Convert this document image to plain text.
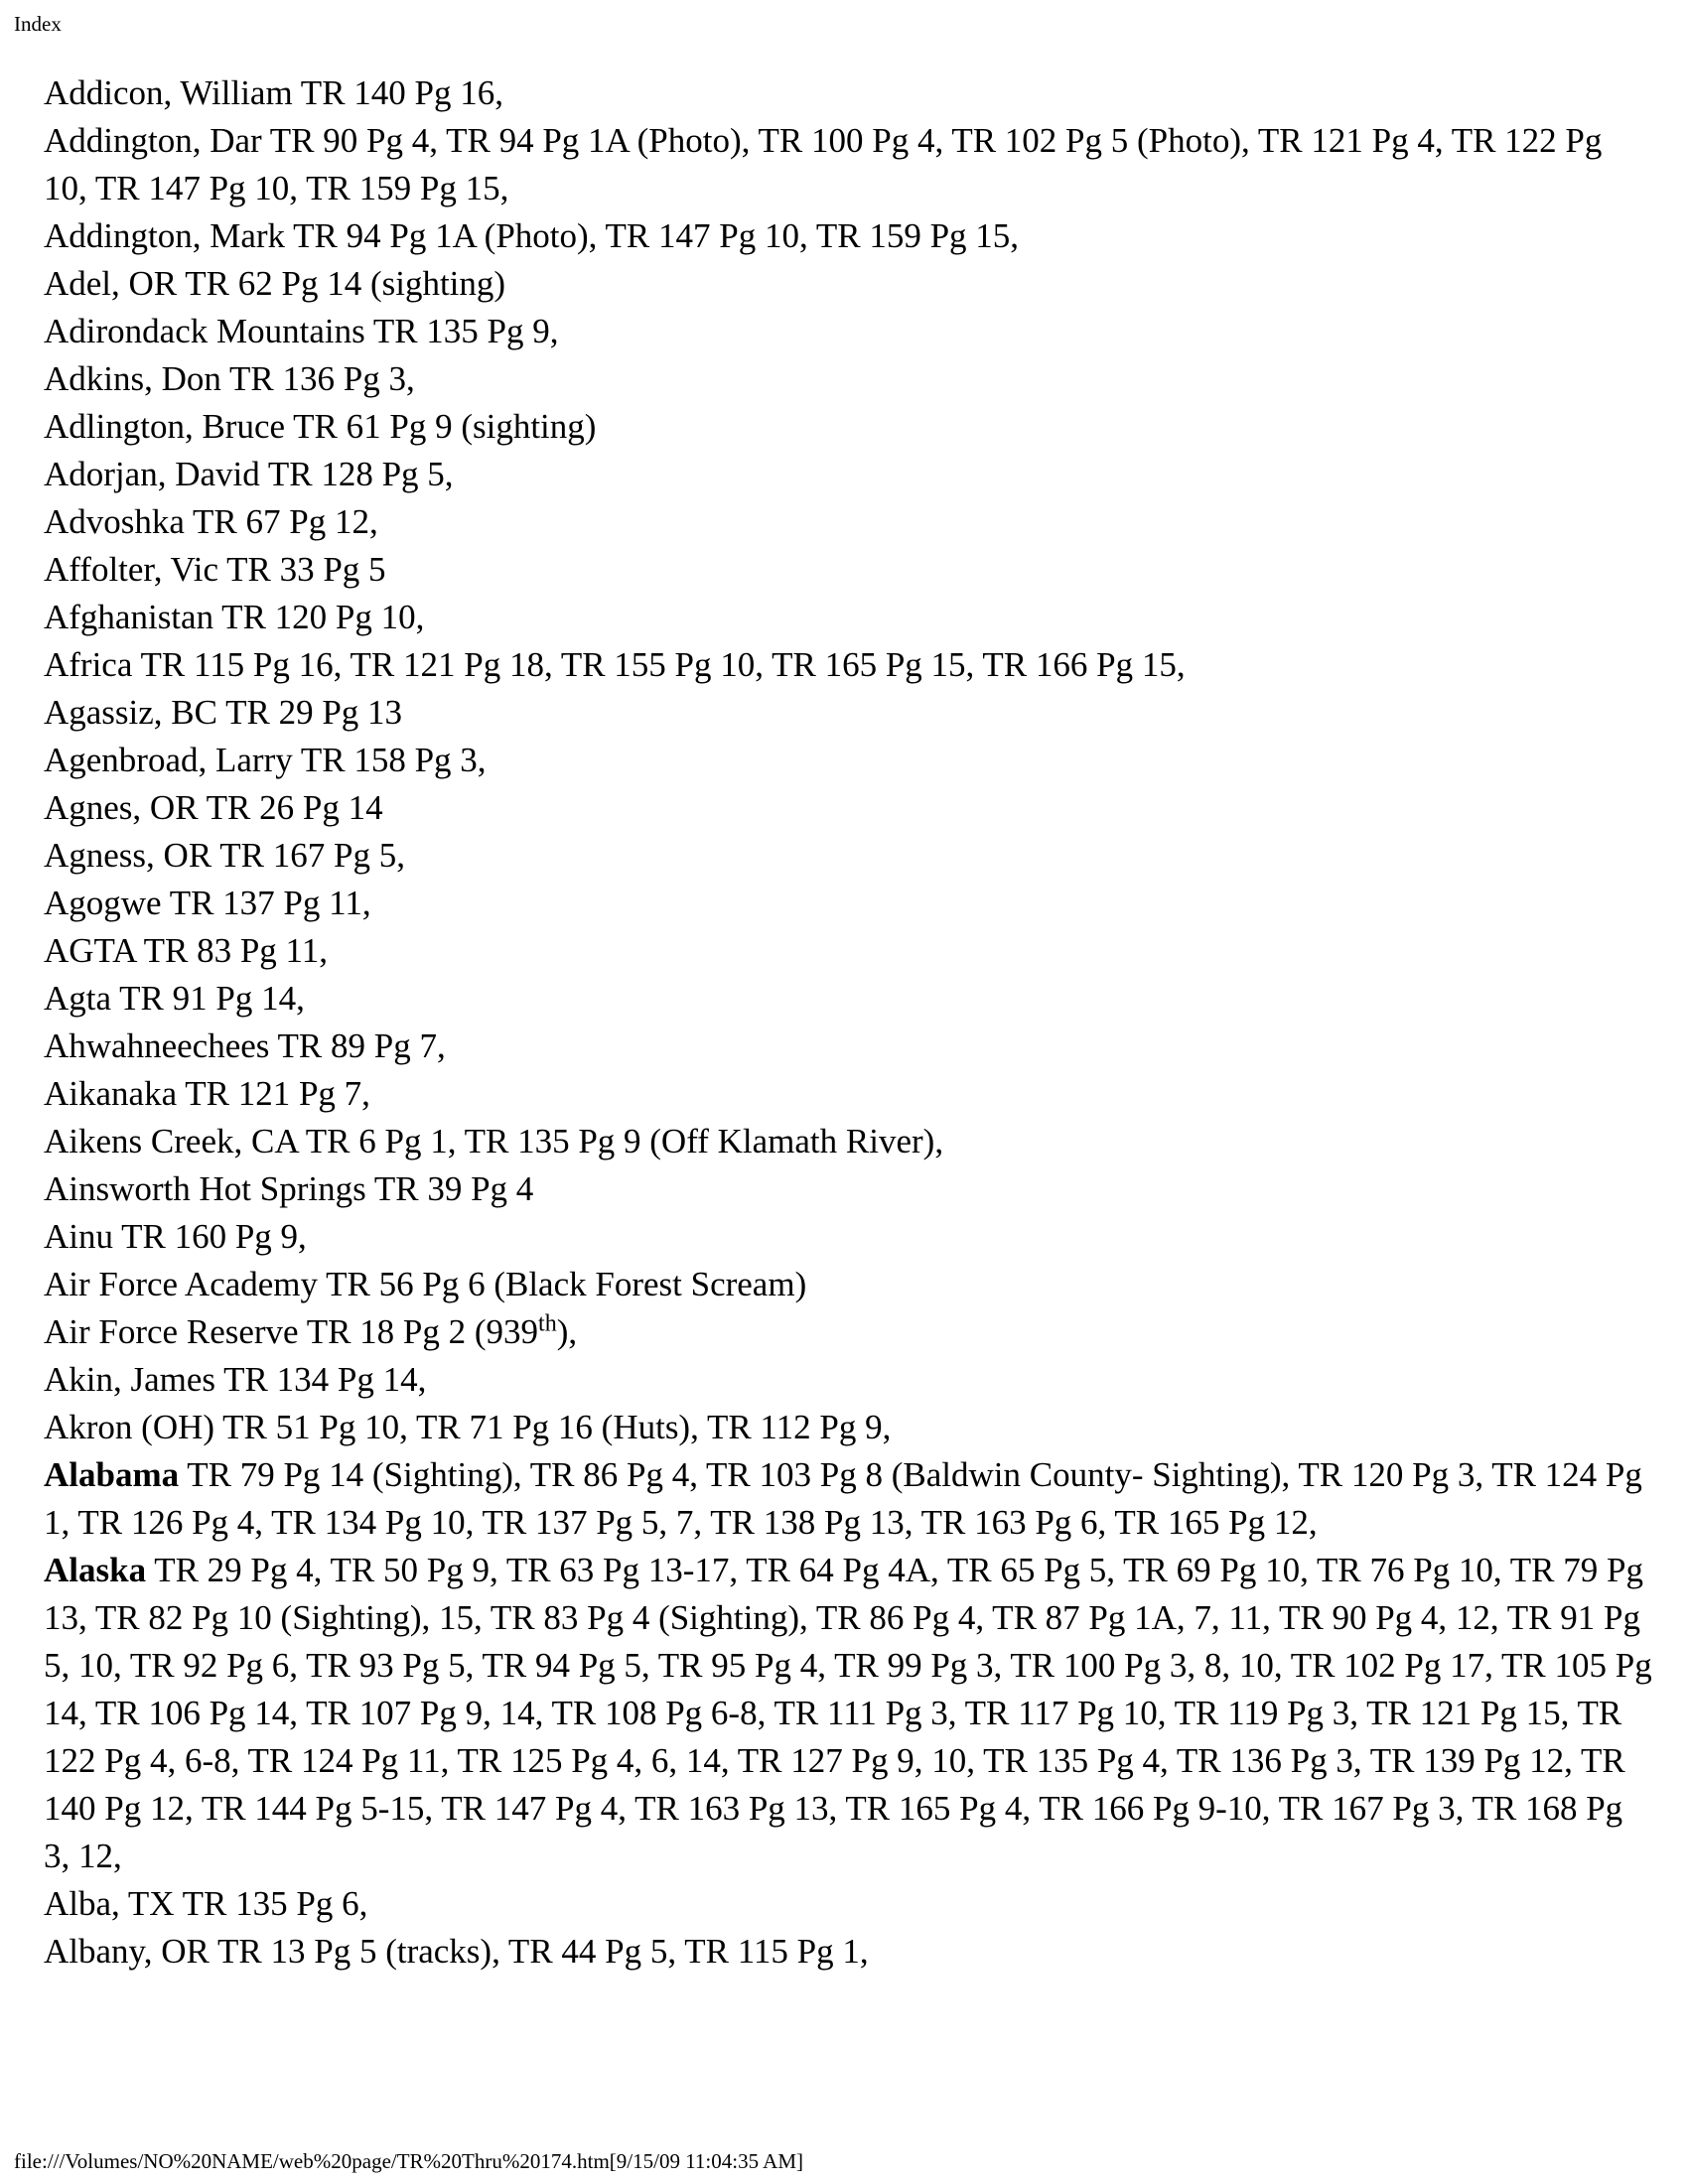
Index
Addicon, William TR 140 Pg 16,
Addington, Dar TR 90 Pg 4, TR 94 Pg 1A (Photo), TR 100 Pg 4, TR 102 Pg 5 (Photo), TR 121 Pg 4, TR 122 Pg 10, TR 147 Pg 10, TR 159 Pg 15,
Addington, Mark TR 94 Pg 1A (Photo), TR 147 Pg 10, TR 159 Pg 15,
Adel, OR TR 62 Pg 14 (sighting)
Adirondack Mountains TR 135 Pg 9,
Adkins, Don TR 136 Pg 3,
Adlington, Bruce TR 61 Pg 9 (sighting)
Adorjan, David TR 128 Pg 5,
Advoshka TR 67 Pg 12,
Affolter, Vic TR 33 Pg 5
Afghanistan TR 120 Pg 10,
Africa TR 115 Pg 16, TR 121 Pg 18, TR 155 Pg 10, TR 165 Pg 15, TR 166 Pg 15,
Agassiz, BC TR 29 Pg 13
Agenbroad, Larry TR 158 Pg 3,
Agnes, OR TR 26 Pg 14
Agness, OR TR 167 Pg 5,
Agogwe TR 137 Pg 11,
AGTA TR 83 Pg 11,
Agta TR 91 Pg 14,
Ahwahneechees TR 89 Pg 7,
Aikanaka TR 121 Pg 7,
Aikens Creek, CA TR 6 Pg 1, TR 135 Pg 9 (Off Klamath River),
Ainsworth Hot Springs TR 39 Pg 4
Ainu TR 160 Pg 9,
Air Force Academy TR 56 Pg 6 (Black Forest Scream)
Air Force Reserve TR 18 Pg 2 (939th),
Akin, James TR 134 Pg 14,
Akron (OH) TR 51 Pg 10, TR 71 Pg 16 (Huts), TR 112 Pg 9,
Alabama TR 79 Pg 14 (Sighting), TR 86 Pg 4, TR 103 Pg 8 (Baldwin County- Sighting), TR 120 Pg 3, TR 124 Pg 1, TR 126 Pg 4, TR 134 Pg 10, TR 137 Pg 5, 7, TR 138 Pg 13, TR 163 Pg 6, TR 165 Pg 12,
Alaska TR 29 Pg 4, TR 50 Pg 9, TR 63 Pg 13-17, TR 64 Pg 4A, TR 65 Pg 5, TR 69 Pg 10, TR 76 Pg 10, TR 79 Pg 13, TR 82 Pg 10 (Sighting), 15, TR 83 Pg 4 (Sighting), TR 86 Pg 4, TR 87 Pg 1A, 7, 11, TR 90 Pg 4, 12, TR 91 Pg 5, 10, TR 92 Pg 6, TR 93 Pg 5, TR 94 Pg 5, TR 95 Pg 4, TR 99 Pg 3, TR 100 Pg 3, 8, 10, TR 102 Pg 17, TR 105 Pg 14, TR 106 Pg 14, TR 107 Pg 9, 14, TR 108 Pg 6-8, TR 111 Pg 3, TR 117 Pg 10, TR 119 Pg 3, TR 121 Pg 15, TR 122 Pg 4, 6-8, TR 124 Pg 11, TR 125 Pg 4, 6, 14, TR 127 Pg 9, 10, TR 135 Pg 4, TR 136 Pg 3, TR 139 Pg 12, TR 140 Pg 12, TR 144 Pg 5-15, TR 147 Pg 4, TR 163 Pg 13, TR 165 Pg 4, TR 166 Pg 9-10, TR 167 Pg 3, TR 168 Pg 3, 12,
Alba, TX TR 135 Pg 6,
Albany, OR TR 13 Pg 5 (tracks), TR 44 Pg 5, TR 115 Pg 1,
file:///Volumes/NO%20NAME/web%20page/TR%20Thru%20174.htm[9/15/09 11:04:35 AM]
